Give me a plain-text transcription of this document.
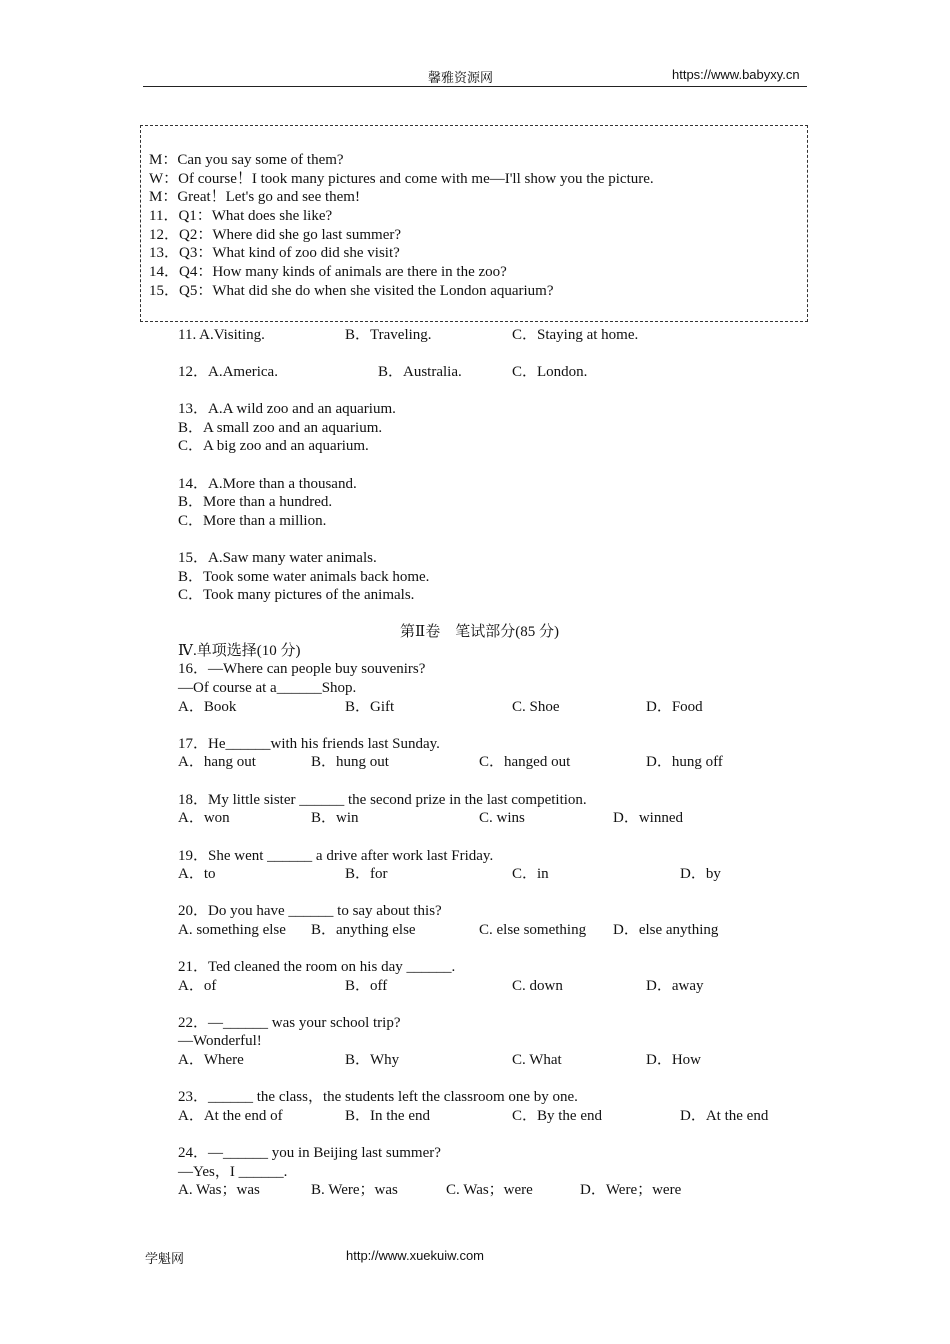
馨雅资源网	https://www.babyxy.cn
M：Can you say some of them?
W：Of course！I took many pictures and come with me—I'll show you the picture.
M：Great！Let's go and see them!
11．Q1：What does she like?
12．Q2：Where did she go last summer?
13．Q3：What kind of zoo did she visit?
14．Q4：How many kinds of animals are there in the zoo?
15．Q5：What did she do when she visited the London aquarium?
11. A.Visiting.	B．Traveling.	C．Staying at home.
12．A.America.	B．Australia.	C．London.
13．A.A wild zoo and an aquarium.
B．A small zoo and an aquarium.
C．A big zoo and an aquarium.
14．A.More than a thousand.
B．More than a hundred.
C．More than a million.
15．A.Saw many water animals.
B．Took some water animals back home.
C．Took many pictures of the animals.
第Ⅱ卷　笔试部分(85 分)
Ⅳ.单项选择(10 分)
16．—Where can people buy souvenirs?
—Of course at a______Shop.
A．Book	B．Gift	C. Shoe	D．Food
17．He______with his friends last Sunday.
A．hang out	B．hung out	C．hanged out	D．hung off
18．My little sister ______ the second prize in the last competition.
A．won	B．win	C. wins	D．winned
19．She went ______ a drive after work last Friday.
A．to	B．for	C．in	D．by
20．Do you have ______ to say about this?
A. something else B．anything else	C. else something D．else anything
21．Ted cleaned the room on his day ______.
A．of	B．off	C. down	D．away
22．—______ was your school trip?
—Wonderful!
A．Where	B．Why	C. What	D．How
23．______ the class，the students left the classroom one by one.
A．At the end of	B．In the end	C．By the end	D．At the end
24．—______ you in Beijing last summer?
—Yes，I ______.
A. Was；was	B. Were；was	C. Was；were	D．Were；were
学魁网	http://www.xuekuiw.com
